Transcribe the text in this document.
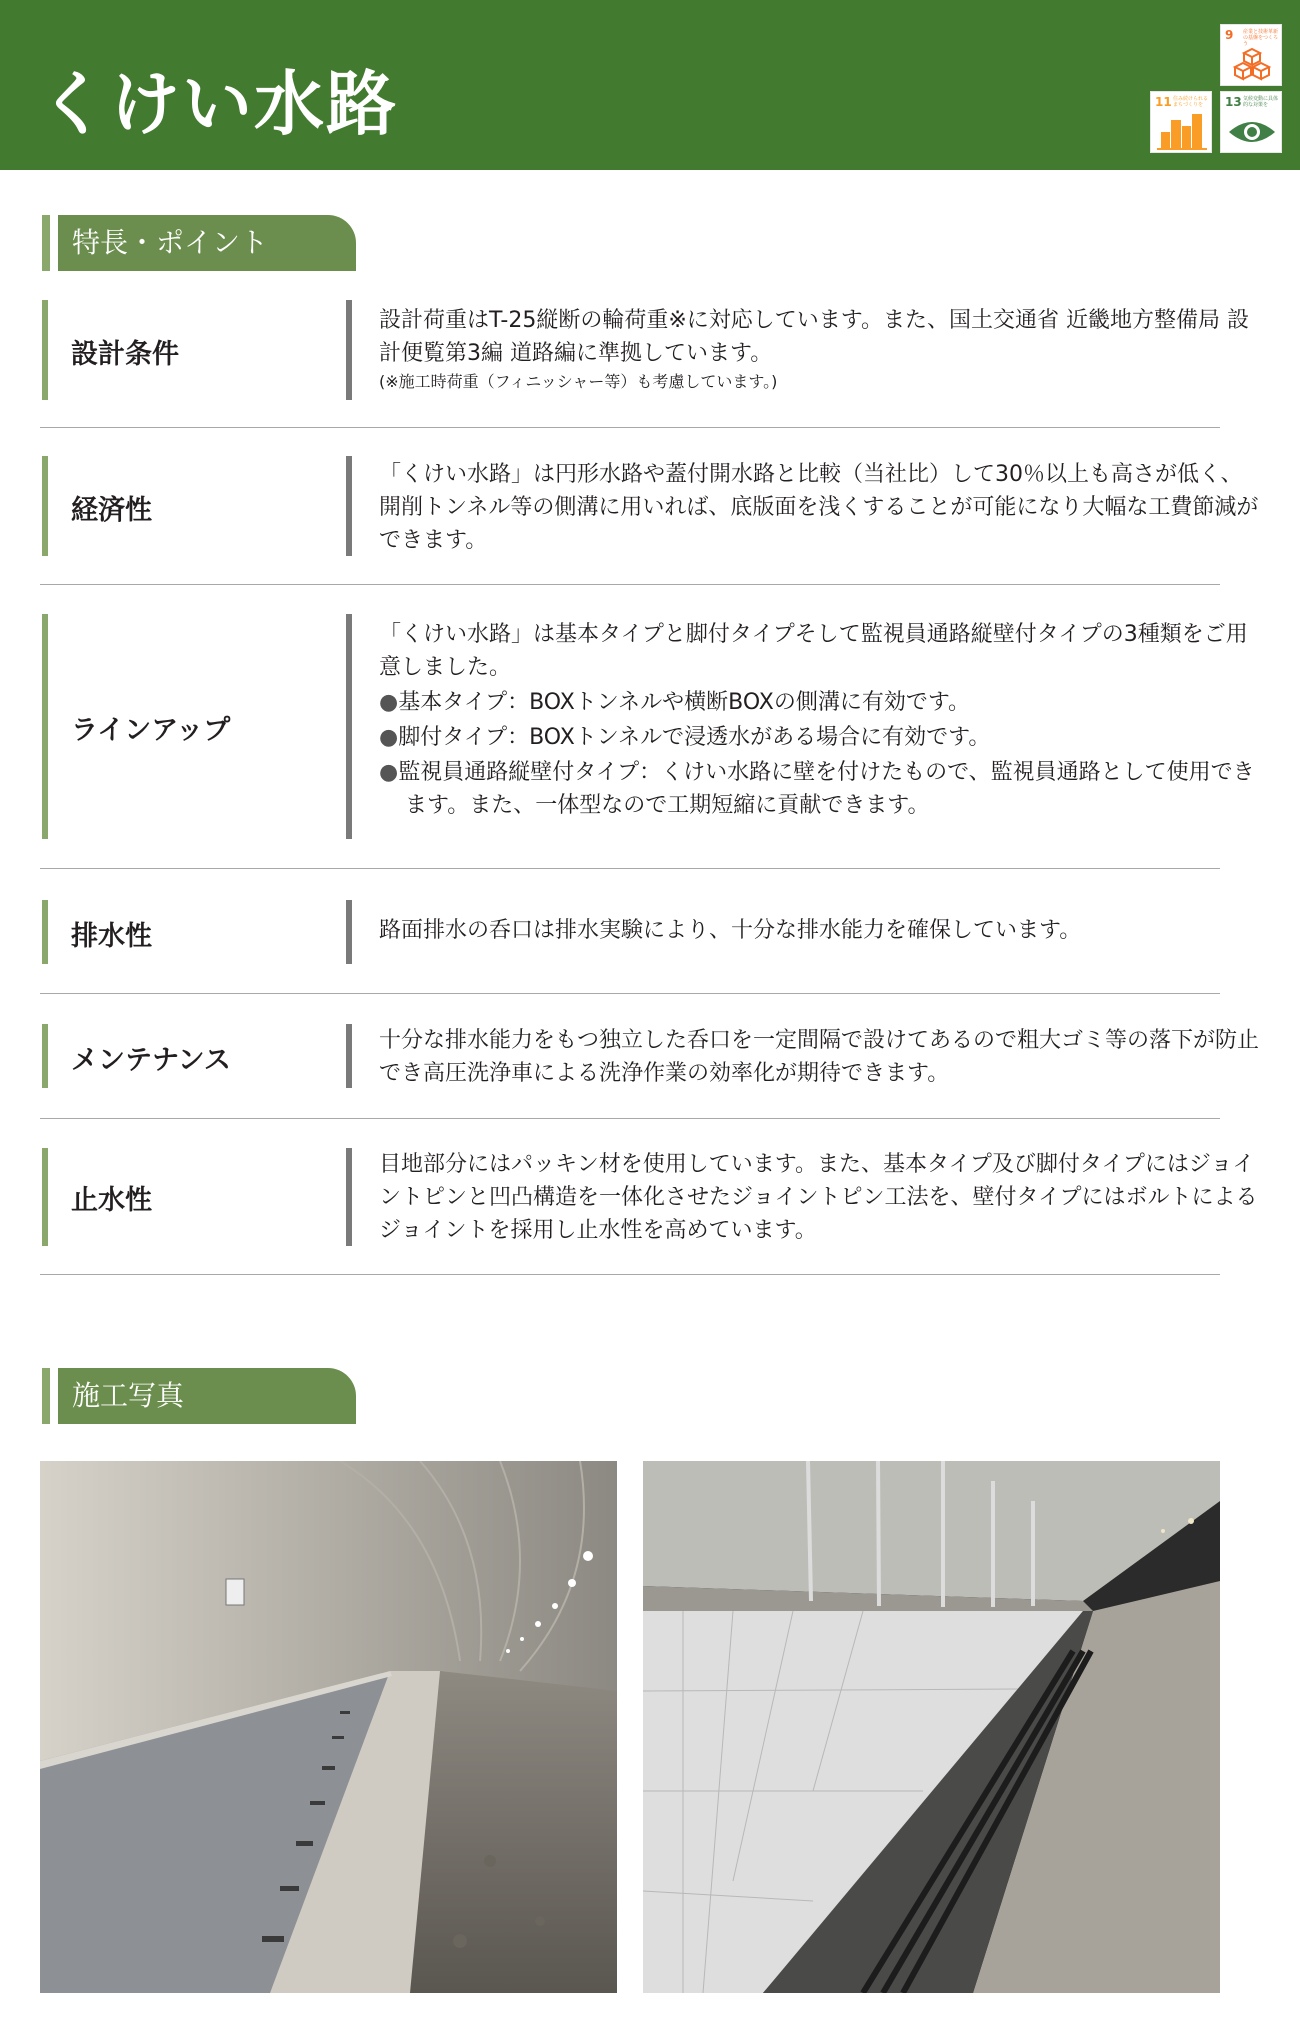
くけい水路
9 産業と技術革新の基盤をつくろう
11 住み続けられるまちづくりを	13 気候変動に具体的な対策を
特長・ポイント
設計条件

設計荷重はT-25縦断の輪荷重※に対応しています。また、国土交通省 近畿地方整備局 設計便覧第3編 道路編に準拠しています。

(※施工時荷重（フィニッシャー等）も考慮しています。)

経済性

「くけい水路」は円形水路や蓋付開水路と比較（当社比）して30％以上も高さが低く、開削トンネル等の側溝に用いれば、底版面を浅くすることが可能になり大幅な工費節減ができます。

ラインアップ

「くけい水路」は基本タイプと脚付タイプそして監視員通路縦壁付タイプの3種類をご用意しました。

●基本タイプ：BOXトンネルや横断BOXの側溝に有効です。

●脚付タイプ：BOXトンネルで浸透水がある場合に有効です。

●監視員通路縦壁付タイプ：くけい水路に壁を付けたもので、監視員通路として使用できます。また、一体型なので工期短縮に貢献できます。

排水性	路面排水の呑口は排水実験により、十分な排水能力を確保しています。

メンテナンス

十分な排水能力をもつ独立した呑口を一定間隔で設けてあるので粗大ゴミ等の落下が防止でき高圧洗浄車による洗浄作業の効率化が期待できます。

止水性

目地部分にはパッキン材を使用しています。また、基本タイプ及び脚付タイプにはジョイントピンと凹凸構造を一体化させたジョイントピン工法を、壁付タイプにはボルトによるジョイントを採用し止水性を高めています。

施工写真
